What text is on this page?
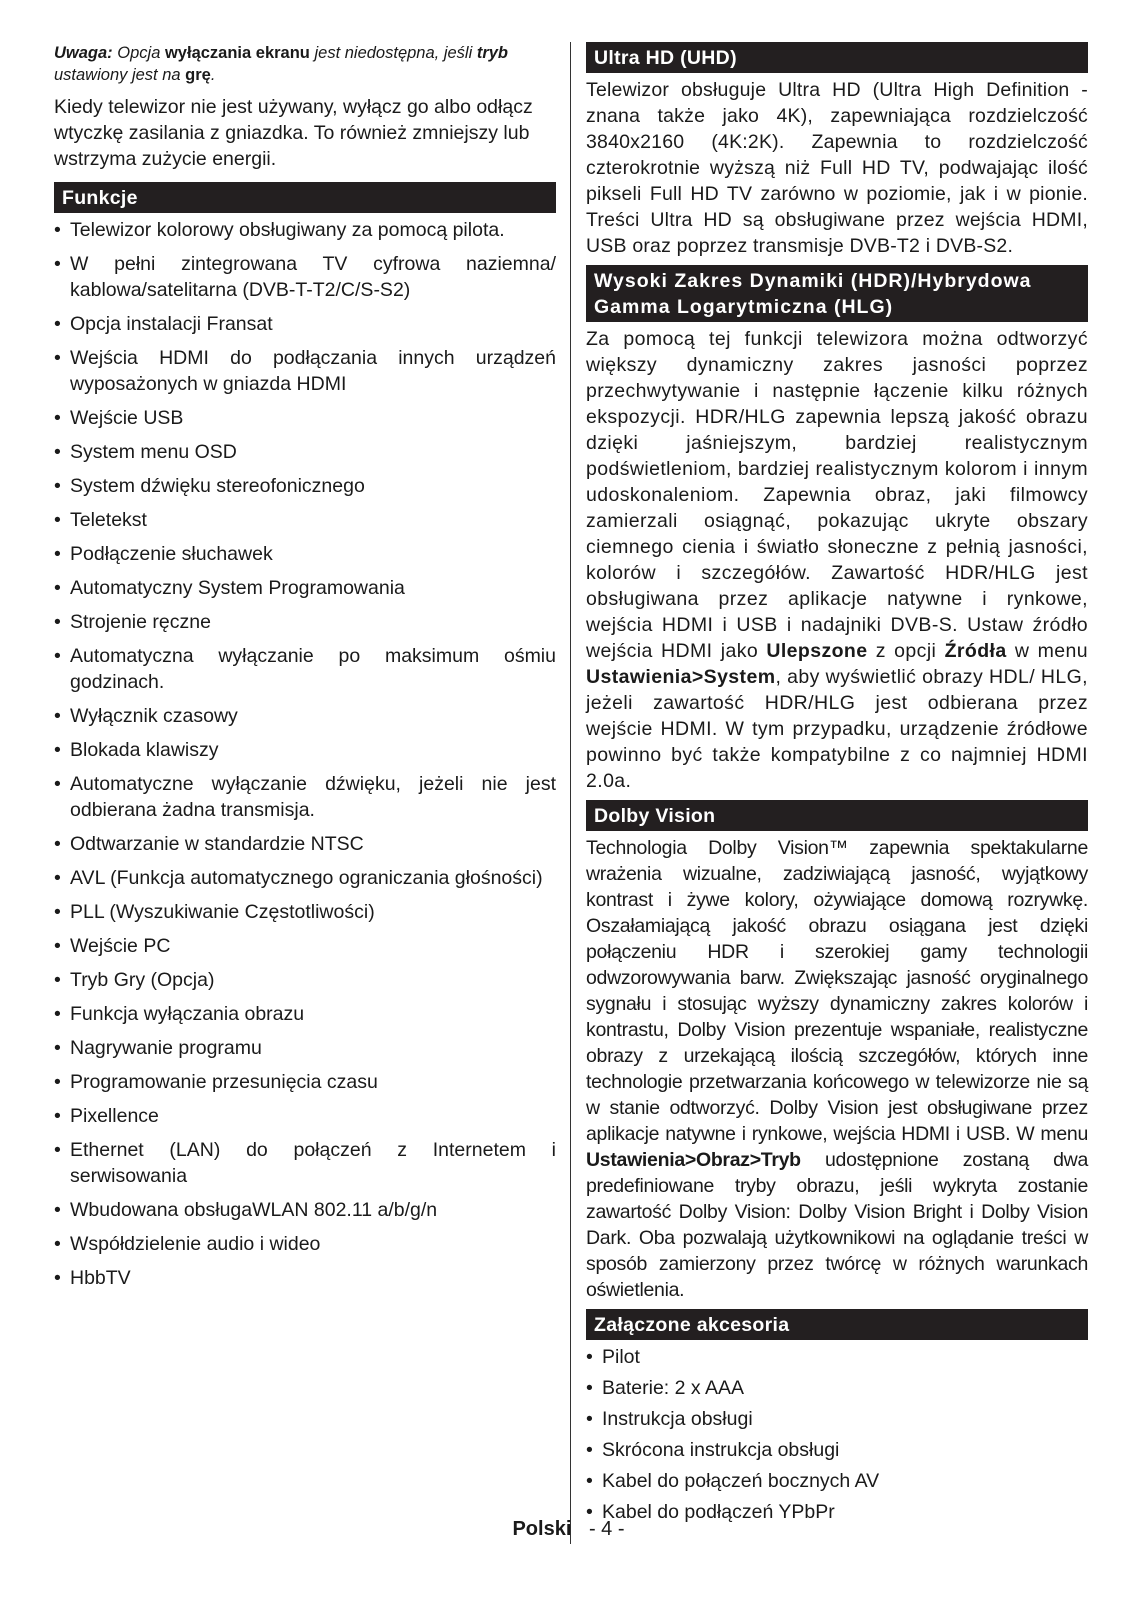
Uwaga: Opcja wyłączania ekranu jest niedostępna, jeśli tryb ustawiony jest na grę.

Kiedy telewizor nie jest używany, wyłącz go albo odłącz wtyczkę zasilania z gniazdka. To również zmniejszy lub wstrzyma zużycie energii.

Funkcje
• Telewizor kolorowy obsługiwany za pomocą pilota.
• W pełni zintegrowana TV cyfrowa naziemna/ kablowa/satelitarna (DVB-T-T2/C/S-S2)
• Opcja instalacji Fransat
• Wejścia HDMI do podłączania innych urządzeń wyposażonych w gniazda HDMI
• Wejście USB
• System menu OSD
• System dźwięku stereofonicznego
• Teletekst
• Podłączenie słuchawek
• Automatyczny System Programowania
• Strojenie ręczne
• Automatyczna wyłączanie po maksimum ośmiu godzinach.
• Wyłącznik czasowy
• Blokada klawiszy
• Automatyczne wyłączanie dźwięku, jeżeli nie jest odbierana żadna transmisja.
• Odtwarzanie w standardzie NTSC
• AVL (Funkcja automatycznego ograniczania głośności)
• PLL (Wyszukiwanie Częstotliwości)
• Wejście PC
• Tryb Gry (Opcja)
• Funkcja wyłączania obrazu
• Nagrywanie programu
• Programowanie przesunięcia czasu
• Pixellence
• Ethernet (LAN) do połączeń z Internetem i serwisowania
• Wbudowana obsługaWLAN 802.11 a/b/g/n
• Współdzielenie audio i wideo
• HbbTV
Ultra HD (UHD)

Telewizor obsługuje Ultra HD (Ultra High Definition - znana także jako 4K), zapewniająca rozdzielczość 3840x2160 (4K:2K). Zapewnia to rozdzielczość czterokrotnie wyższą niż Full HD TV, podwajając ilość pikseli Full HD TV zarówno w poziomie, jak i w pionie. Treści Ultra HD są obsługiwane przez wejścia HDMI, USB oraz poprzez transmisje DVB-T2 i DVB-S2.

Wysoki Zakres Dynamiki (HDR)/Hybrydowa Gamma Logarytmiczna (HLG)

Za pomocą tej funkcji telewizora można odtworzyć większy dynamiczny zakres jasności poprzez przechwytywanie i następnie łączenie kilku różnych ekspozycji. HDR/HLG zapewnia lepszą jakość obrazu dzięki jaśniejszym, bardziej realistycznym podświetleniom, bardziej realistycznym kolorom i innym udoskonaleniom. Zapewnia obraz, jaki filmowcy zamierzali osiągnąć, pokazując ukryte obszary ciemnego cienia i światło słoneczne z pełnią jasności, kolorów i szczegółów. Zawartość HDR/HLG jest obsługiwana przez aplikacje natywne i rynkowe, wejścia HDMI i USB i nadajniki DVB-S. Ustaw źródło wejścia HDMI jako Ulepszone z opcji Źródła w menu Ustawienia>System, aby wyświetlić obrazy HDL/ HLG, jeżeli zawartość HDR/HLG jest odbierana przez wejście HDMI. W tym przypadku, urządzenie źródłowe powinno być także kompatybilne z co najmniej HDMI 2.0a.

Dolby Vision

Technologia Dolby Vision™ zapewnia spektakularne wrażenia wizualne, zadziwiającą jasność, wyjątkowy kontrast i żywe kolory, ożywiające domową rozrywkę. Oszałamiającą jakość obrazu osiągana jest dzięki połączeniu HDR i szerokiej gamy technologii odwzorowywania barw. Zwiększając jasność oryginalnego sygnału i stosując wyższy dynamiczny zakres kolorów i kontrastu, Dolby Vision prezentuje wspaniałe, realistyczne obrazy z urzekającą ilością szczegółów, których inne technologie przetwarzania końcowego w telewizorze nie są w stanie odtworzyć. Dolby Vision jest obsługiwane przez aplikacje natywne i rynkowe, wejścia HDMI i USB. W menu Ustawienia>Obraz>Tryb udostępnione zostaną dwa predefiniowane tryby obrazu, jeśli wykryta zostanie zawartość Dolby Vision: Dolby Vision Bright i Dolby Vision Dark. Oba pozwalają użytkownikowi na oglądanie treści w sposób zamierzony przez twórcę w różnych warunkach oświetlenia.

Załączone akcesoria
• Pilot
• Baterie: 2 x AAA
• Instrukcja obsługi
• Skrócona instrukcja obsługi
• Kabel do połączeń bocznych AV
• Kabel do podłączeń YPbPr
Polski - 4 -
